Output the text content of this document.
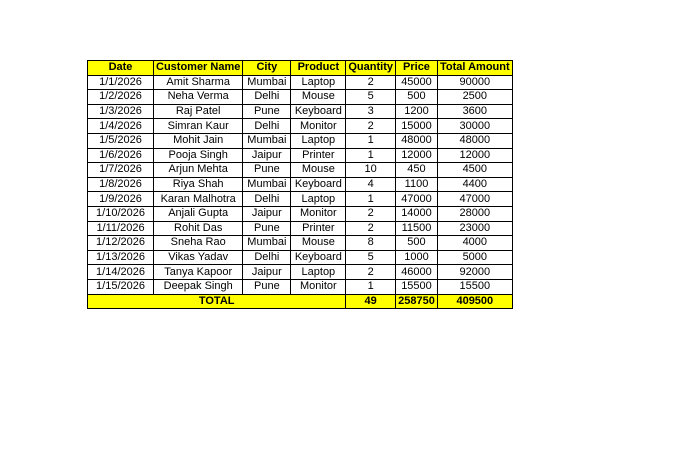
Date	Customer Name	City	Product	Quantity	Price	Total Amount
1/1/2026	Amit Sharma	Mumbai	Laptop	2	45000	90000
1/2/2026	Neha Verma	Delhi	Mouse	5	500	2500
1/3/2026	Raj Patel	Pune	Keyboard	3	1200	3600
1/4/2026	Simran Kaur	Delhi	Monitor	2	15000	30000
1/5/2026	Mohit Jain	Mumbai	Laptop	1	48000	48000
1/6/2026	Pooja Singh	Jaipur	Printer	1	12000	12000
1/7/2026	Arjun Mehta	Pune	Mouse	10	450	4500
1/8/2026	Riya Shah	Mumbai	Keyboard	4	1100	4400
1/9/2026	Karan Malhotra	Delhi	Laptop	1	47000	47000
1/10/2026	Anjali Gupta	Jaipur	Monitor	2	14000	28000
1/11/2026	Rohit Das	Pune	Printer	2	11500	23000
1/12/2026	Sneha Rao	Mumbai	Mouse	8	500	4000
1/13/2026	Vikas Yadav	Delhi	Keyboard	5	1000	5000
1/14/2026	Tanya Kapoor	Jaipur	Laptop	2	46000	92000
1/15/2026	Deepak Singh	Pune	Monitor	1	15500	15500
TOTAL				49	258750	409500
